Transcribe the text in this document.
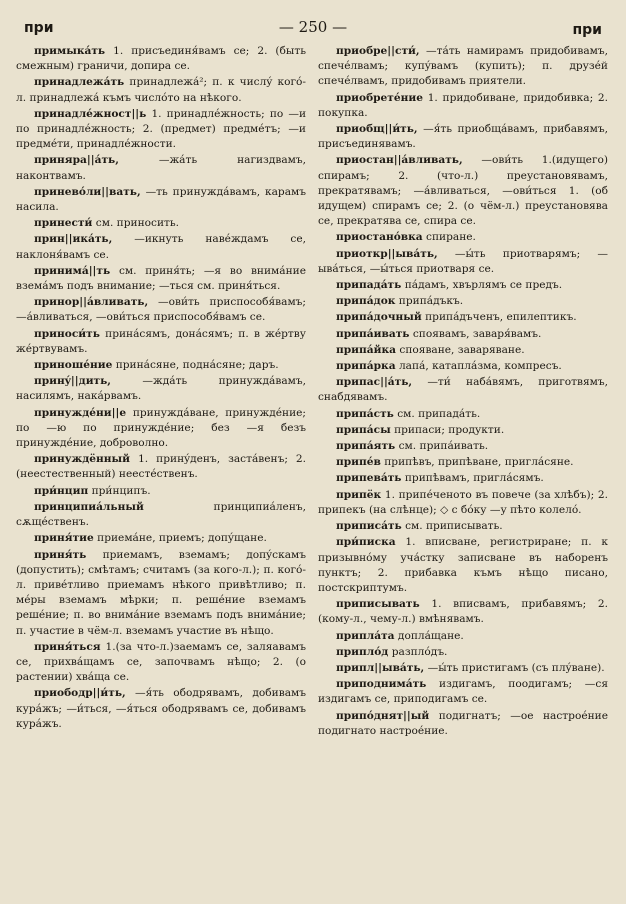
при	— 250 —	при

примыкáть 1. присъединя́вамъ се; 2. (быть смежным) граничи, допира се.

принадлежáть принадлежá²; п. к числý когó-л. принадлежá къмъ число́то на нѣкого.

принадлéжност||ь 1. принадлéжность; по —и по принадлéжность; 2. (предмет) предмéтъ; —и предмéти, принадлéжности.

приняра||áть,	—жáть нагиздвамъ, наконтвамъ.

приневóли||вать, —ть принуждáвамъ, карамъ насила.

принести́ см. приносить.

прин||икáть, —икнуть навéждамъ се, наклоня́вамъ се.

принима́||ть см. приня́ть; —я во внимáние вземáмъ подъ внимание; —ться см. приня́ться.

принор||áвливать, —ови́ть приспособя́вамъ; —áвливаться, —ови́ться приспособя́вамъ се.

приноси́ть принáсямъ, донáсямъ; п. в жéртву жéртвувамъ.

приношéние принáсяне, поднáсяне; даръ.

принý||дить,	—ждáть принуждáвамъ, насилямъ, накáрвамъ.

принуждéни||е принуждáване, принуждéние; по —ю по принуждéние; без —я безъ принуждéние, доброволно.

принуждённый 1. принýденъ, застáвенъ; 2. (неестественный) неестéственъ.

при́нцип при́нципъ.

принципиáльный	принципиáленъ, сѫщéственъ.

приня́тие приемáне, приемъ; допýщане.

приня́ть приемамъ, вземамъ; допýскамъ (допустить); смѣтамъ; считамъ (за кого-л.); п. когó-л. привéтливо приемамъ нѣкого привѣтливо; п. мéры вземамъ мѣрки; п. решéние вземамъ решéние; п. во внимáние вземамъ подъ внимáние; п. участие в чём-л. вземамъ участие въ нѣщо.

приня́ться 1.(за что-л.)заемамъ се, заляавамъ се, прихвáщамъ се, започвамъ нѣщо; 2. (о растении) хвáща се.

приободр||и́ть, —я́ть ободрявамъ, добивамъ курáжъ; —и́ться, —я́ться ободрявамъ се, добивамъ курáжъ.

приобре||сти́, —тáть намирамъ придобивамъ, спечéлвамъ; купýвамъ (купить); п. друзéй спечéлвамъ, придобивамъ приятели.

приобретéние 1. придобиване, придобивка; 2. покупка.

приобщ||и́ть, —я́ть приобщáвамъ, прибавямъ, присъединявамъ.

приостан||áвливать, —ови́ть 1.(идущего) спирамъ; 2. (что-л.) преустановявамъ, прекратявамъ; —áвливаться, —ови́ться 1. (об идущем) спирамъ се; 2. (о чём-л.) преустановява се, прекратява се, спира се.

приостанóвка спиране.

приоткр||ывáть, —ы́ть приотварямъ; —ывáться, —ы́ться приотваря се.

припадáть пáдамъ, хвърлямъ се предъ.

припáдок припáдъкъ.

припáдочный припáдъченъ, епилептикъ.

припáивать споявамъ, заваря́вамъ.

припáйка спояване, заваряване.

припáрка лапá, катаплáзма, компресъ.

припас||áть, —ти́ набáвямъ, приготвямъ, снабдявамъ.

припáсть см. припадáть.

припáсы припаси; продукти.

припáять см. припáивать.

припéв припѣвъ, припѣване, приглáсяне.

припевáть припѣвамъ, приглáсямъ.

припёк 1. припéченото въ повече (за хлѣбъ); 2. припекъ (на слѣнце); ◇ с бóку —у пѣто колелó.

приписáть см. приписывать.

при́писка 1. вписване, регистриране; п. к призывнóму учáстку записване въ наборенъ пунктъ; 2. прибавка къмъ нѣщо писано, постскриптумъ.

приписывать 1. вписвамъ, прибавямъ; 2.(кому-л., чему-л.) вмѣнявамъ.

приплáта доплáщане.

приплóд разплóдъ.

припл||ывáть, —ы́ть пристигамъ (съ плýване).

приподнимáть издигамъ, поодигамъ; —ся издигамъ се, приподигамъ се.

припóднят||ый подигнатъ; —ое настроéние подигнато настроéние.
